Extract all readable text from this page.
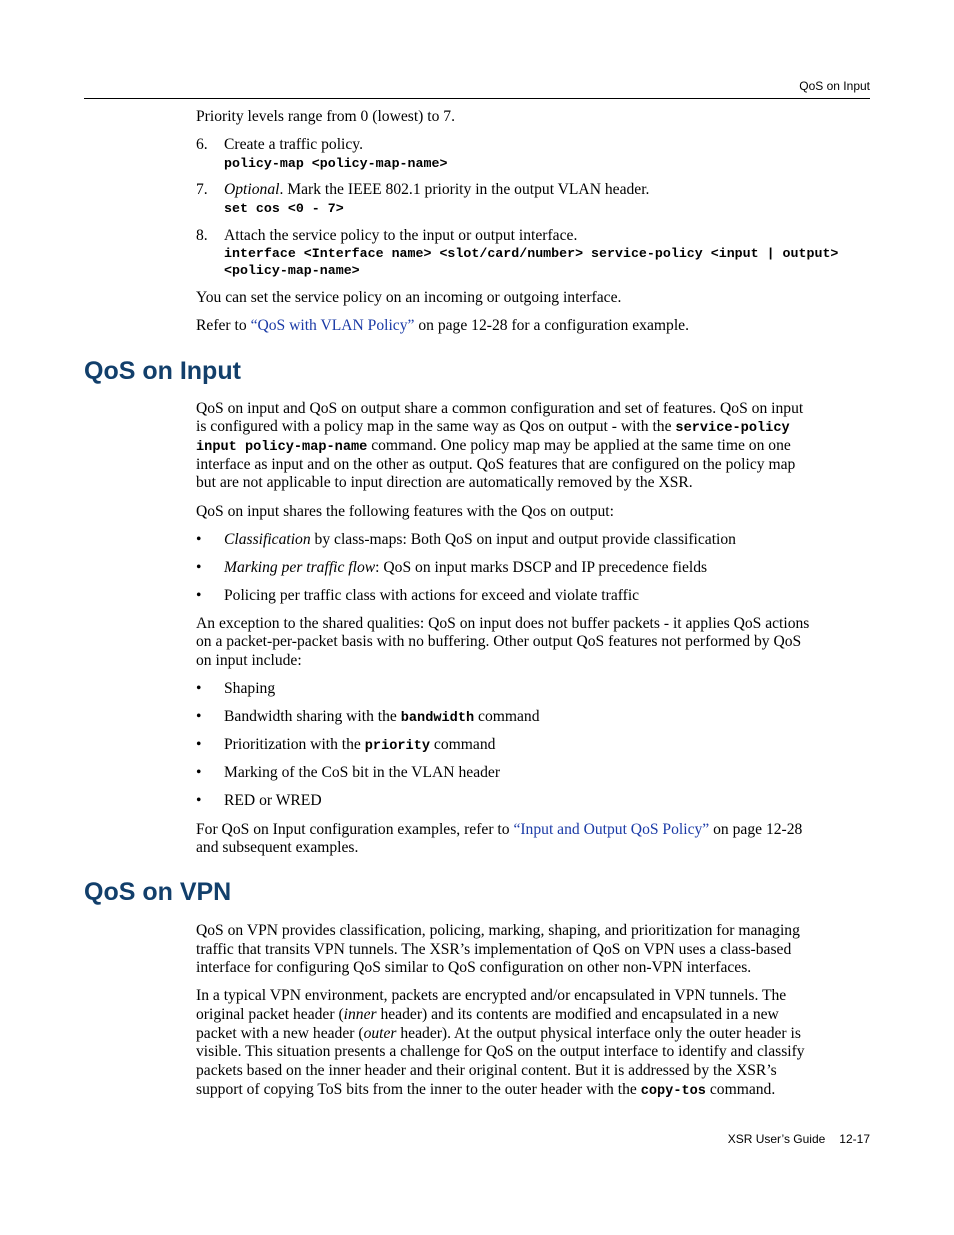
QoS on Input
Priority levels range from 0 (lowest) to 7.
6. Create a traffic policy.
policy-map <policy-map-name>
7. Optional. Mark the IEEE 802.1 priority in the output VLAN header.
set cos <0 - 7>
8. Attach the service policy to the input or output interface.
interface <Interface name> <slot/card/number> service-policy <input | output>
<policy-map-name>
You can set the service policy on an incoming or outgoing interface.
Refer to “QoS with VLAN Policy” on page 12-28 for a configuration example.
QoS on Input
QoS on input and QoS on output share a common configuration and set of features. QoS on input
is configured with a policy map in the same way as Qos on output - with the service-policy
input policy-map-name command. One policy map may be applied at the same time on one
interface as input and on the other as output. QoS features that are configured on the policy map
but are not applicable to input direction are automatically removed by the XSR.
QoS on input shares the following features with the Qos on output:
• Classification by class-maps: Both QoS on input and output provide classification
• Marking per traffic flow: QoS on input marks DSCP and IP precedence fields
• Policing per traffic class with actions for exceed and violate traffic
An exception to the shared qualities: QoS on input does not buffer packets - it applies QoS actions
on a packet-per-packet basis with no buffering. Other output QoS features not performed by QoS
on input include:
• Shaping
• Bandwidth sharing with the bandwidth command
• Prioritization with the priority command
• Marking of the CoS bit in the VLAN header
• RED or WRED
For QoS on Input configuration examples, refer to “Input and Output QoS Policy” on page 12-28
and subsequent examples.
QoS on VPN
QoS on VPN provides classification, policing, marking, shaping, and prioritization for managing
traffic that transits VPN tunnels. The XSR’s implementation of QoS on VPN uses a class-based
interface for configuring QoS similar to QoS configuration on other non-VPN interfaces.
In a typical VPN environment, packets are encrypted and/or encapsulated in VPN tunnels. The
original packet header (inner header) and its contents are modified and encapsulated in a new
packet with a new header (outer header). At the output physical interface only the outer header is
visible. This situation presents a challenge for QoS on the output interface to identify and classify
packets based on the inner header and their original content. But it is addressed by the XSR’s
support of copying ToS bits from the inner to the outer header with the copy-tos command.
XSR User’s Guide 12-17
